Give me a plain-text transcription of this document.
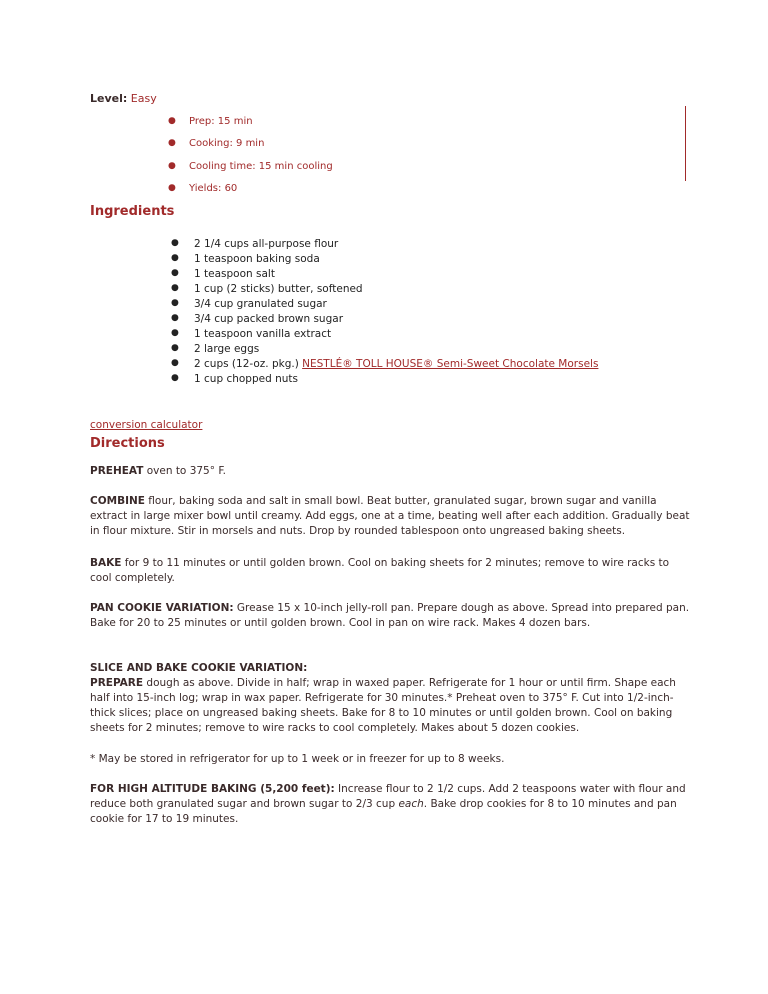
Level: Easy
● Prep: 15 min
● Cooking: 9 min
● Cooling time: 15 min cooling
● Yields: 60
Ingredients
● 2 1/4 cups all-purpose flour
● 1 teaspoon baking soda
● 1 teaspoon salt
● 1 cup (2 sticks) butter, softened
● 3/4 cup granulated sugar
● 3/4 cup packed brown sugar
● 1 teaspoon vanilla extract
● 2 large eggs
● 2 cups (12-oz. pkg.) NESTLÉ® TOLL HOUSE® Semi-Sweet Chocolate Morsels
● 1 cup chopped nuts
conversion calculator
Directions
PREHEAT oven to 375° F.
COMBINE flour, baking soda and salt in small bowl. Beat butter, granulated sugar, brown sugar and vanilla extract in large mixer bowl until creamy. Add eggs, one at a time, beating well after each addition. Gradually beat in flour mixture. Stir in morsels and nuts. Drop by rounded tablespoon onto ungreased baking sheets.
BAKE for 9 to 11 minutes or until golden brown. Cool on baking sheets for 2 minutes; remove to wire racks to cool completely.
PAN COOKIE VARIATION: Grease 15 x 10-inch jelly-roll pan. Prepare dough as above. Spread into prepared pan. Bake for 20 to 25 minutes or until golden brown. Cool in pan on wire rack. Makes 4 dozen bars.
SLICE AND BAKE COOKIE VARIATION:
PREPARE dough as above. Divide in half; wrap in waxed paper. Refrigerate for 1 hour or until firm. Shape each half into 15-inch log; wrap in wax paper. Refrigerate for 30 minutes.* Preheat oven to 375° F. Cut into 1/2-inch-thick slices; place on ungreased baking sheets. Bake for 8 to 10 minutes or until golden brown. Cool on baking sheets for 2 minutes; remove to wire racks to cool completely. Makes about 5 dozen cookies.
* May be stored in refrigerator for up to 1 week or in freezer for up to 8 weeks.
FOR HIGH ALTITUDE BAKING (5,200 feet): Increase flour to 2 1/2 cups. Add 2 teaspoons water with flour and reduce both granulated sugar and brown sugar to 2/3 cup each. Bake drop cookies for 8 to 10 minutes and pan cookie for 17 to 19 minutes.
